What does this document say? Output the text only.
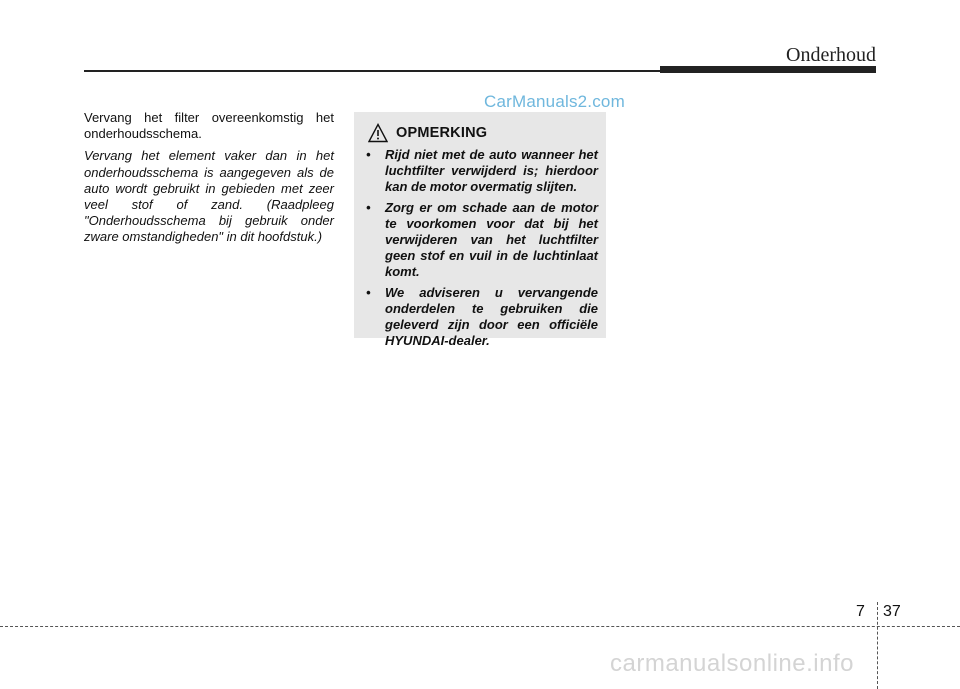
Onderhoud
CarManuals2.com

Vervang het filter overeenkomstig het onderhoudsschema.

Vervang het element vaker dan in het onderhoudsschema is aangegeven als de auto wordt gebruikt in gebieden met zeer veel stof of zand. (Raadpleeg "Onderhoudsschema bij gebruik onder zware omstandigheden" in dit hoofdstuk.)

OPMERKING
• Rijd niet met de auto wanneer het luchtfilter verwijderd is; hierdoor kan de motor overmatig slijten.
• Zorg er om schade aan de motor te voorkomen voor dat bij het verwijderen van het luchtfilter geen stof en vuil in de luchtinlaat komt.
• We adviseren u vervangende onderdelen te gebruiken die geleverd zijn door een officiële HYUNDAI-dealer.
7 37
carmanualsonline.info
